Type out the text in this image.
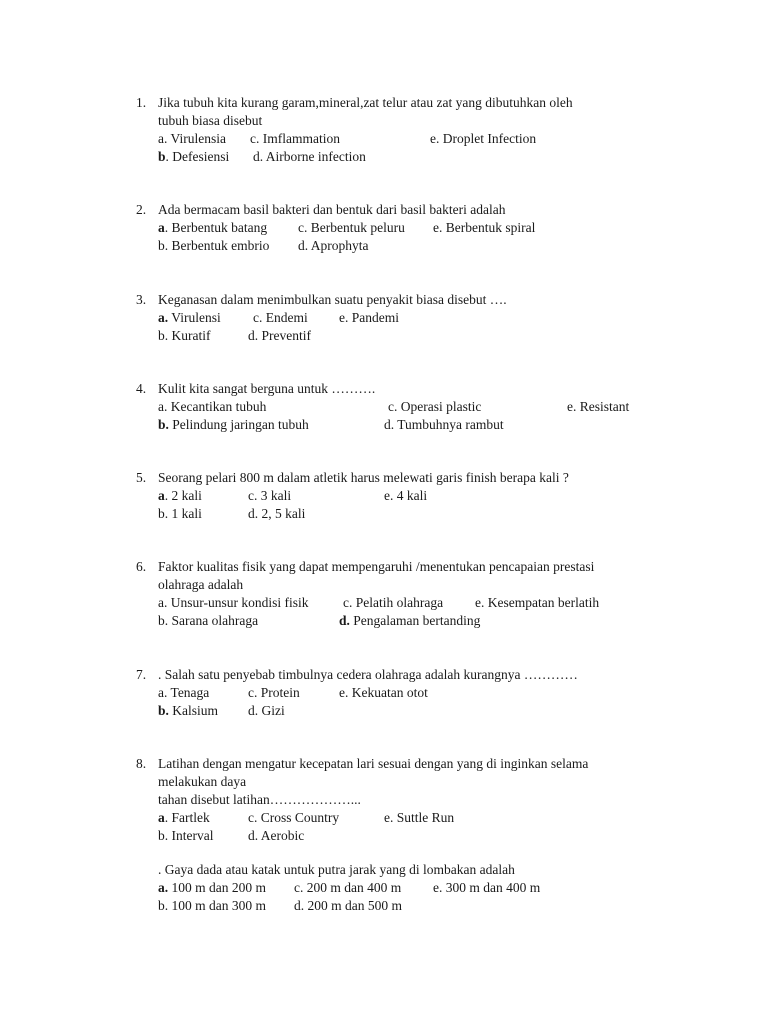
1. Jika tubuh kita kurang garam,mineral,zat telur atau zat yang dibutuhkan oleh
tubuh biasa disebut
a. Virulensia c. Imflammation	e. Droplet Infection
b. Defesiensi d. Airborne infection
2. Ada bermacam basil bakteri dan bentuk dari basil bakteri adalah
a. Berbentuk batang c. Berbentuk peluru e. Berbentuk spiral
b. Berbentuk embrio d. Aprophyta
3. Keganasan dalam menimbulkan suatu penyakit biasa disebut ….
a. Virulensi c. Endemi e. Pandemi
b. Kuratif	d. Preventif
4. Kulit kita sangat berguna untuk ……….
a. Kecantikan tubuh	c. Operasi plastic	e. Resistant
b. Pelindung jaringan tubuh	d. Tumbuhnya rambut
5. Seorang pelari 800 m dalam atletik harus melewati garis finish berapa kali ?
a. 2 kali	c. 3 kali	e. 4 kali
b. 1 kali	d. 2, 5 kali
6. Faktor kualitas fisik yang dapat mempengaruhi /menentukan pencapaian prestasi
olahraga adalah
a. Unsur-unsur kondisi fisik	c. Pelatih olahraga e. Kesempatan berlatih
b. Sarana olahraga	d. Pengalaman bertanding
7. . Salah satu penyebab timbulnya cedera olahraga adalah kurangnya …………
a. Tenaga	c. Protein	e. Kekuatan otot
b. Kalsium d. Gizi
8. Latihan dengan mengatur kecepatan lari sesuai dengan yang di inginkan selama
melakukan daya
tahan disebut latihan………………...
a. Fartlek	c. Cross Country	e. Suttle Run
b. Interval	d. Aerobic
. Gaya dada atau katak untuk putra jarak yang di lombakan adalah
a. 100 m dan 200 m c. 200 m dan 400 m e. 300 m dan 400 m
b. 100 m dan 300 m d. 200 m dan 500 m
